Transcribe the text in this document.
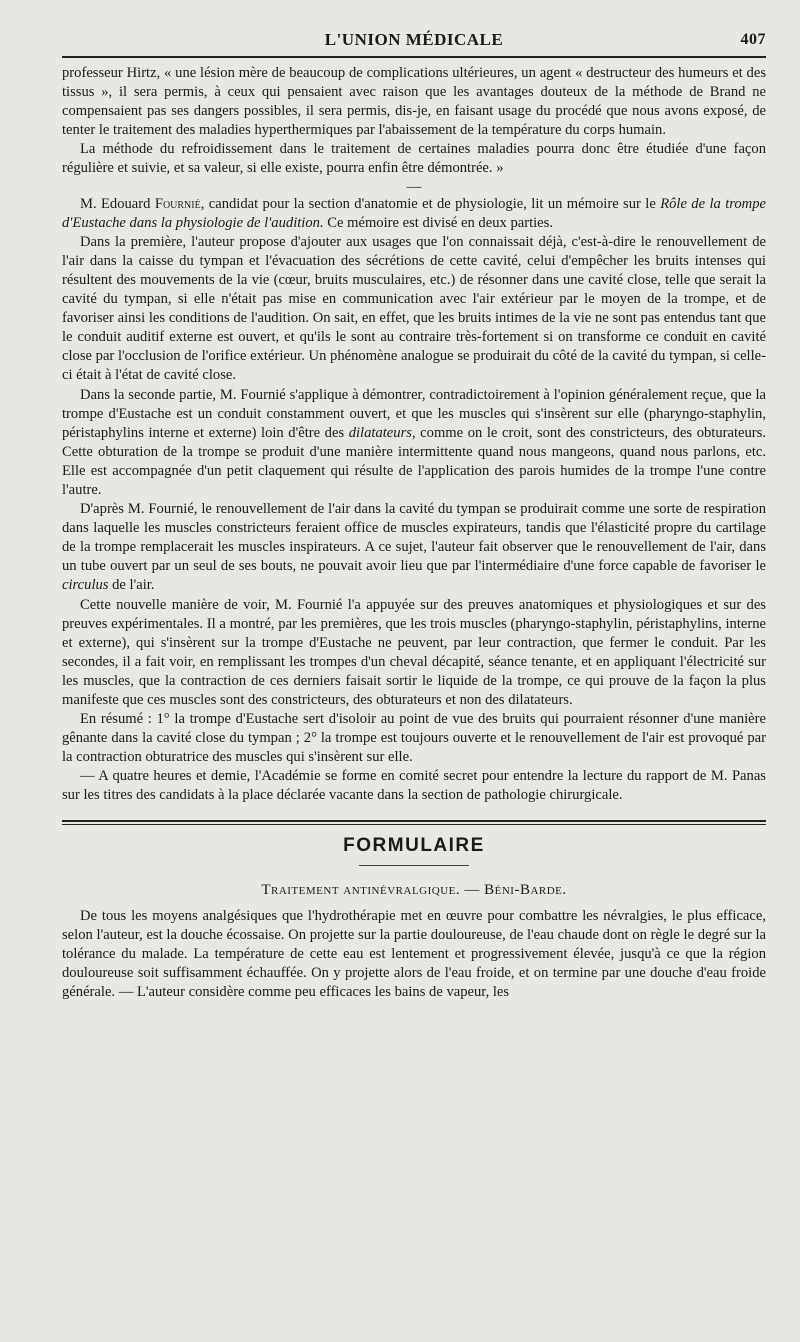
L'UNION MÉDICALE	407

professeur Hirtz, « une lésion mère de beaucoup de complications ultérieures, un agent « destructeur des humeurs et des tissus », il sera permis, à ceux qui pensaient avec raison que les avantages douteux de la méthode de Brand ne compensaient pas ses dangers possibles, il sera permis, dis-je, en faisant usage du procédé que nous avons exposé, de tenter le traitement des maladies hyperthermiques par l'abaissement de la température du corps humain.

La méthode du refroidissement dans le traitement de certaines maladies pourra donc être étudiée d'une façon régulière et suivie, et sa valeur, si elle existe, pourra enfin être démontrée. »

—

M. Edouard Fournié, candidat pour la section d'anatomie et de physiologie, lit un mémoire sur le Rôle de la trompe d'Eustache dans la physiologie de l'audition. Ce mémoire est divisé en deux parties.

Dans la première, l'auteur propose d'ajouter aux usages que l'on connaissait déjà, c'est-à-dire le renouvellement de l'air dans la caisse du tympan et l'évacuation des sécrétions de cette cavité, celui d'empêcher les bruits intenses qui résultent des mouvements de la vie (cœur, bruits musculaires, etc.) de résonner dans une cavité close, telle que serait la cavité du tympan, si elle n'était pas mise en communication avec l'air extérieur par le moyen de la trompe, et de favoriser ainsi les conditions de l'audition. On sait, en effet, que les bruits intimes de la vie ne sont pas entendus tant que le conduit auditif externe est ouvert, et qu'ils le sont au contraire très-fortement si on transforme ce conduit en cavité close par l'occlusion de l'orifice extérieur. Un phénomène analogue se produirait du côté de la cavité du tympan, si celle-ci était à l'état de cavité close.

Dans la seconde partie, M. Fournié s'applique à démontrer, contradictoirement à l'opinion généralement reçue, que la trompe d'Eustache est un conduit constamment ouvert, et que les muscles qui s'insèrent sur elle (pharyngo-staphylin, péristaphylins interne et externe) loin d'être des dilatateurs, comme on le croit, sont des constricteurs, des obturateurs. Cette obturation de la trompe se produit d'une manière intermittente quand nous mangeons, quand nous parlons, etc. Elle est accompagnée d'un petit claquement qui résulte de l'application des parois humides de la trompe l'une contre l'autre.

D'après M. Fournié, le renouvellement de l'air dans la cavité du tympan se produirait comme une sorte de respiration dans laquelle les muscles constricteurs feraient office de muscles expirateurs, tandis que l'élasticité propre du cartilage de la trompe remplacerait les muscles inspirateurs. A ce sujet, l'auteur fait observer que le renouvellement de l'air, dans un tube ouvert par un seul de ses bouts, ne pouvait avoir lieu que par l'intermédiaire d'une force capable de favoriser le circulus de l'air.

Cette nouvelle manière de voir, M. Fournié l'a appuyée sur des preuves anatomiques et physiologiques et sur des preuves expérimentales. Il a montré, par les premières, que les trois muscles (pharyngo-staphylin, péristaphylins, interne et externe), qui s'insèrent sur la trompe d'Eustache ne peuvent, par leur contraction, que fermer le conduit. Par les secondes, il a fait voir, en remplissant les trompes d'un cheval décapité, séance tenante, et en appliquant l'électricité sur les muscles, que la contraction de ces derniers faisait sortir le liquide de la trompe, ce qui prouve de la façon la plus manifeste que ces muscles sont des constricteurs, des obturateurs et non des dilatateurs.

En résumé : 1° la trompe d'Eustache sert d'isoloir au point de vue des bruits qui pourraient résonner d'une manière gênante dans la cavité close du tympan ; 2° la trompe est toujours ouverte et le renouvellement de l'air est provoqué par la contraction obturatrice des muscles qui s'insèrent sur elle.

— A quatre heures et demie, l'Académie se forme en comité secret pour entendre la lecture du rapport de M. Panas sur les titres des candidats à la place déclarée vacante dans la section de pathologie chirurgicale.

FORMULAIRE
Traitement antinévralgique. — Béni-Barde.

De tous les moyens analgésiques que l'hydrothérapie met en œuvre pour combattre les névralgies, le plus efficace, selon l'auteur, est la douche écossaise. On projette sur la partie douloureuse, de l'eau chaude dont on règle le degré sur la tolérance du malade. La température de cette eau est lentement et progressivement élevée, jusqu'à ce que la région douloureuse soit suffisamment échauffée. On y projette alors de l'eau froide, et on termine par une douche d'eau froide générale. — L'auteur considère comme peu efficaces les bains de vapeur, les
